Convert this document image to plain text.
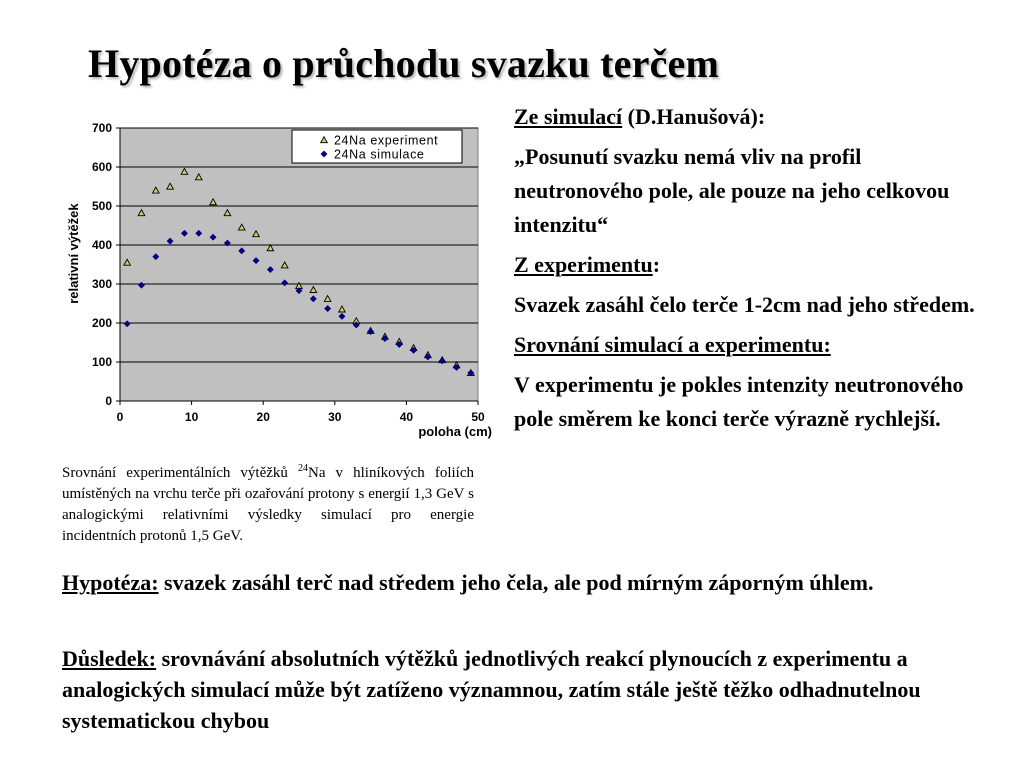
Hypotéza o průchodu svazku terčem
0
100
200
300
400
500
600
700
0	10	20	30	40	50
relativní výtěžek
poloha (cm)
24Na experiment
24Na simulace
Srovnání experimentálních výtěžků $^{24}$Na v hliníkových foliích umístěných na vrchu terče při ozařování protony s energií 1,3 GeV s analogickými relativními výsledky simulací pro energie incidentních protonů 1,5 GeV.

Ze simulací (D.Hanušová):

„Posunutí svazku nemá vliv na profil neutronového pole, ale pouze na jeho celkovou intenzitu“

Z experimentu:

Svazek zasáhl čelo terče 1-2cm nad jeho středem.

Srovnání simulací a experimentu:

V experimentu je pokles intenzity neutronového pole směrem ke konci terče výrazně rychlejší.

Hypotéza: svazek zasáhl terč nad středem jeho čela, ale pod mírným záporným úhlem.
Důsledek: srovnávání absolutních výtěžků jednotlivých reakcí plynoucích z experimentu a analogických simulací může být zatíženo významnou, zatím stále ještě těžko odhadnutelnou systematickou chybou
